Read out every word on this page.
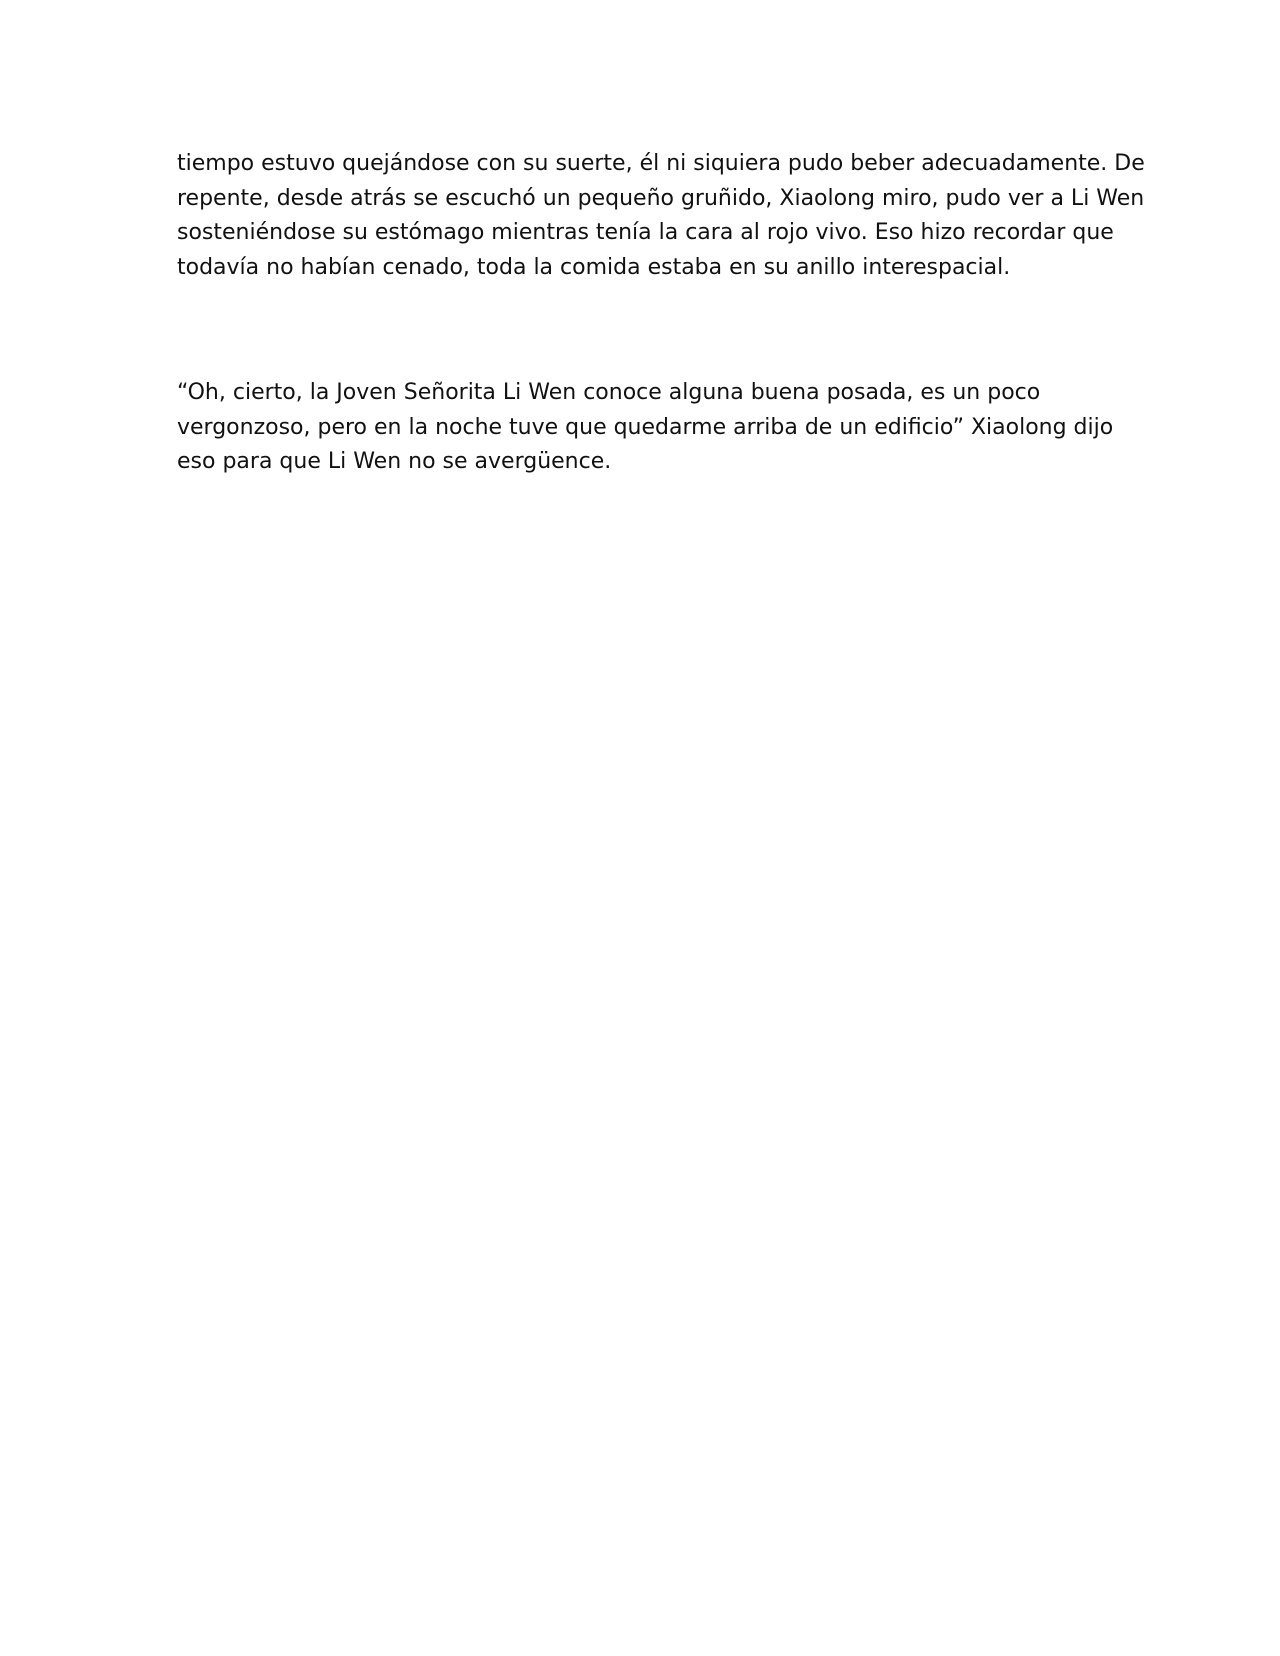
tiempo estuvo quejándose con su suerte, él ni siquiera pudo beber adecuadamente. De
repente, desde atrás se escuchó un pequeño gruñido, Xiaolong miro, pudo ver a Li Wen
sosteniéndose su estómago mientras tenía la cara al rojo vivo. Eso hizo recordar que
todavía no habían cenado, toda la comida estaba en su anillo interespacial.
“Oh, cierto, la Joven Señorita Li Wen conoce alguna buena posada, es un poco
vergonzoso, pero en la noche tuve que quedarme arriba de un edificio” Xiaolong dijo
eso para que Li Wen no se avergüence.
